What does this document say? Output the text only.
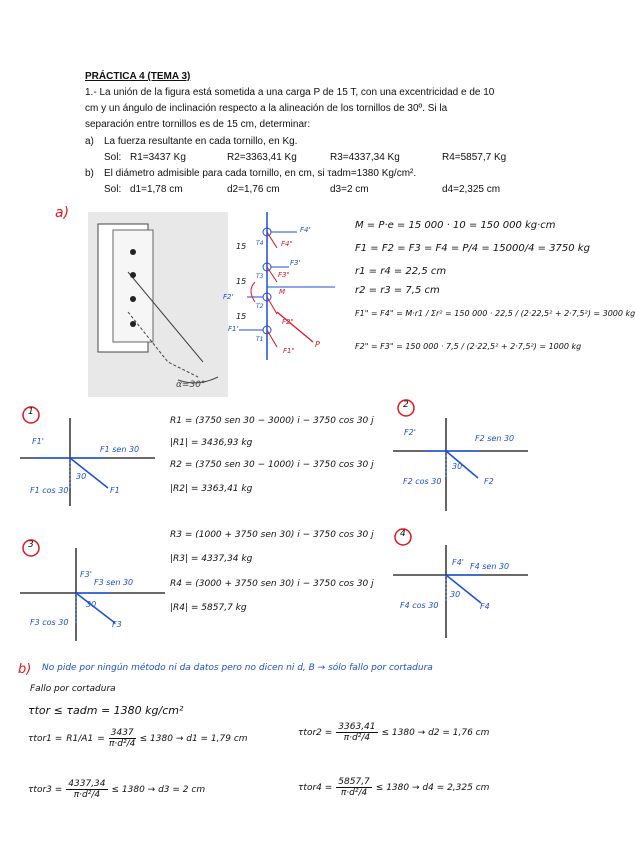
PRÁCTICA 4 (TEMA 3)
1.- La unión de la figura está sometida a una carga P de 15 T, con una excentricidad e de 10
cm y un ángulo de inclinación respecto a la alineación de los tornillos de 30º. Si la
separación entre tornillos es de 15 cm, determinar:
a) La fuerza resultante en cada tornillo, en Kg.
Sol: R1=3437 Kg	R2=3363,41 Kg	R3=4337,34 Kg	R4=5857,7 Kg
b) El diámetro admisible para cada tornillo, en cm, si τadm=1380 Kg/cm².
Sol: d1=1,78 cm	d2=1,76 cm	d3=2 cm	d4=2,325 cm
a)
α=30°
15
15
15
F4'
F4"
F3'
F2'
F1'
F3"
F2"
F1"
M
P
T4
T3
T2
T1
M = P·e = 15 000 · 10 = 150 000 kg·cm
F1 = F2 = F3 = F4 = P/4 = 15000/4 = 3750 kg
r1 = r4 = 22,5 cm
r2 = r3 = 7,5 cm
F1" = F4" = M·r1 / Σr² = 150 000 · 22,5 / (2·22,5² + 2·7,5²) = 3000 kg
F2" = F3" = 150 000 · 7,5 / (2·22,5² + 2·7,5²) = 1000 kg
1
F1'
F1 sen 30
F1 cos 30
30
F1
R1 = (3750 sen 30 − 3000) i − 3750 cos 30 j
|R1| = 3436,93 kg
R2 = (3750 sen 30 − 1000) i − 3750 cos 30 j
|R2| = 3363,41 kg
2
F2'
F2 sen 30
F2 cos 30
30
F2
3
F3'
F3 sen 30
F3 cos 30
30
F3
R3 = (1000 + 3750 sen 30) i − 3750 cos 30 j
|R3| = 4337,34 kg
R4 = (3000 + 3750 sen 30) i − 3750 cos 30 j
|R4| = 5857,7 kg
4
F4' F4 sen 30
F4 cos 30
30
F4
b) No pide por ningún método ni da datos pero no dicen ni d, B → sólo fallo por cortadura
Fallo por cortadura
τtor ≤ τadm = 1380 kg/cm²
$\tau tor1 = R1/A1 = \frac{3437}{\text{π·d²/4}} \le 1380 \to d1 = 1,79$ cm
$\tau tor2 = \frac{3363,41}{\text{π·d²/4}} \le 1380 \to d2 = 1,76$ cm
$\tau tor3 = \frac{4337,34}{\text{π·d²/4}} \le 1380 \to d3 = 2$ cm	$\tau tor4 = \frac{5857,7}{\text{π·d²/4}} \le 1380 \to d4 = 2,325$ cm
